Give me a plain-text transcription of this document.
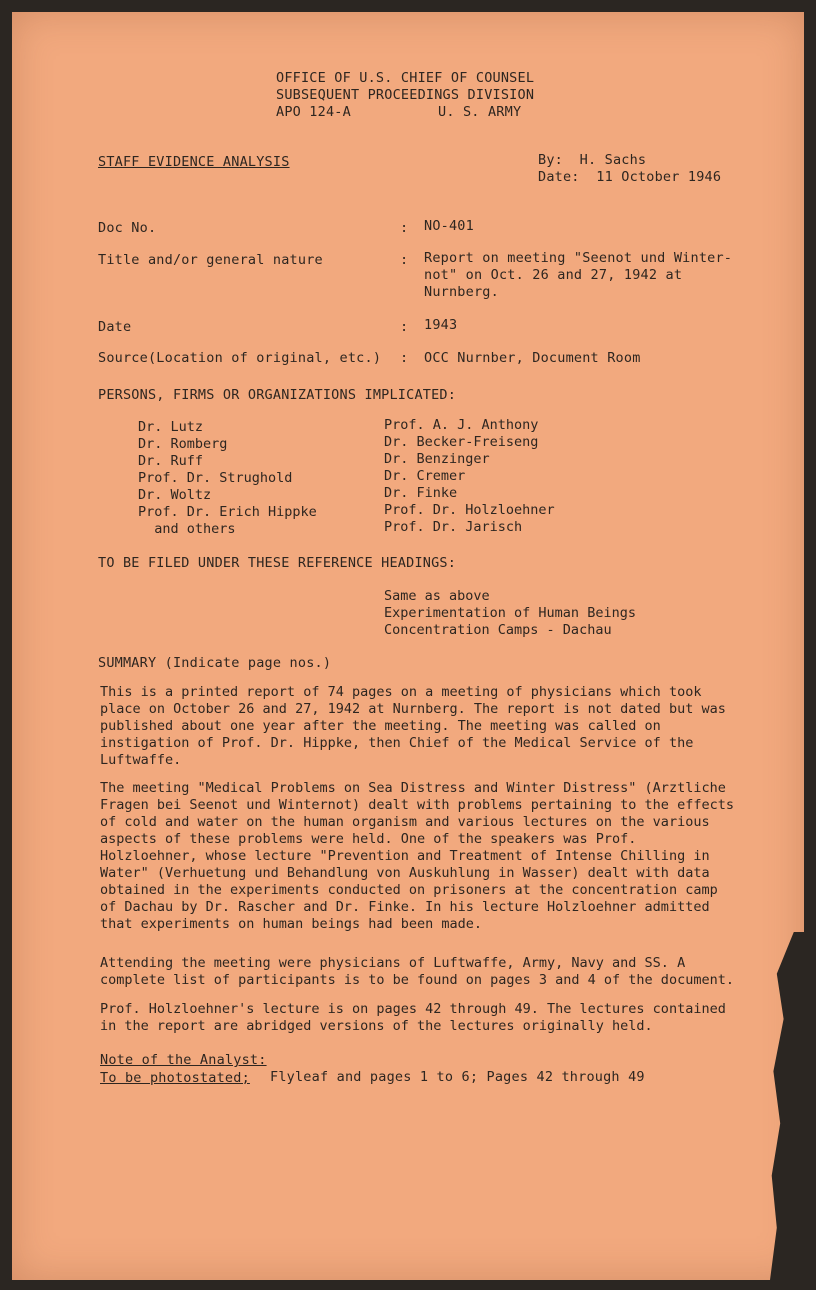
OFFICE OF U.S. CHIEF OF COUNSEL
SUBSEQUENT PROCEEDINGS DIVISION
APO 124-A	U. S. ARMY
STAFF EVIDENCE ANALYSIS	By:  H. Sachs
Date:  11 October 1946
Doc No.	: NO-401
Title and/or general nature	: Report on meeting "Seenot und Winter-
not" on Oct. 26 and 27, 1942 at
Nurnberg.
Date	: 1943
Source(Location of original, etc.) : OCC Nurnber, Document Room
PERSONS, FIRMS OR ORGANIZATIONS IMPLICATED:
Dr. Lutz
Dr. Romberg
Dr. Ruff
Prof. Dr. Strughold
Dr. Woltz
Prof. Dr. Erich Hippke
and others
Prof. A. J. Anthony
Dr. Becker-Freiseng
Dr. Benzinger
Dr. Cremer
Dr. Finke
Prof. Dr. Holzloehner
Prof. Dr. Jarisch
TO BE FILED UNDER THESE REFERENCE HEADINGS:
Same as above
Experimentation of Human Beings
Concentration Camps - Dachau
SUMMARY (Indicate page nos.)
This is a printed report of 74 pages on a meeting of physicians which took place on October 26 and 27, 1942 at Nurnberg. The report is not dated but was published about one year after the meeting. The meeting was called on instigation of Prof. Dr. Hippke, then Chief of the Medical Service of the Luftwaffe.
The meeting "Medical Problems on Sea Distress and Winter Distress" (Arztliche Fragen bei Seenot und Winternot) dealt with problems pertaining to the effects of cold and water on the human organism and various lectures on the various aspects of these problems were held. One of the speakers was Prof. Holzloehner, whose lecture "Prevention and Treatment of Intense Chilling in Water" (Verhuetung und Behandlung von Auskuhlung in Wasser) dealt with data obtained in the experiments conducted on prisoners at the concentration camp of Dachau by Dr. Rascher and Dr. Finke. In his lecture Holzloehner admitted that experiments on human beings had been made.
Attending the meeting were physicians of Luftwaffe, Army, Navy and SS. A complete list of participants is to be found on pages 3 and 4 of the document.
Prof. Holzloehner's lecture is on pages 42 through 49. The lectures contained in the report are abridged versions of the lectures originally held.
Note of the Analyst:
To be photostated; Flyleaf and pages 1 to 6; Pages 42 through 49
